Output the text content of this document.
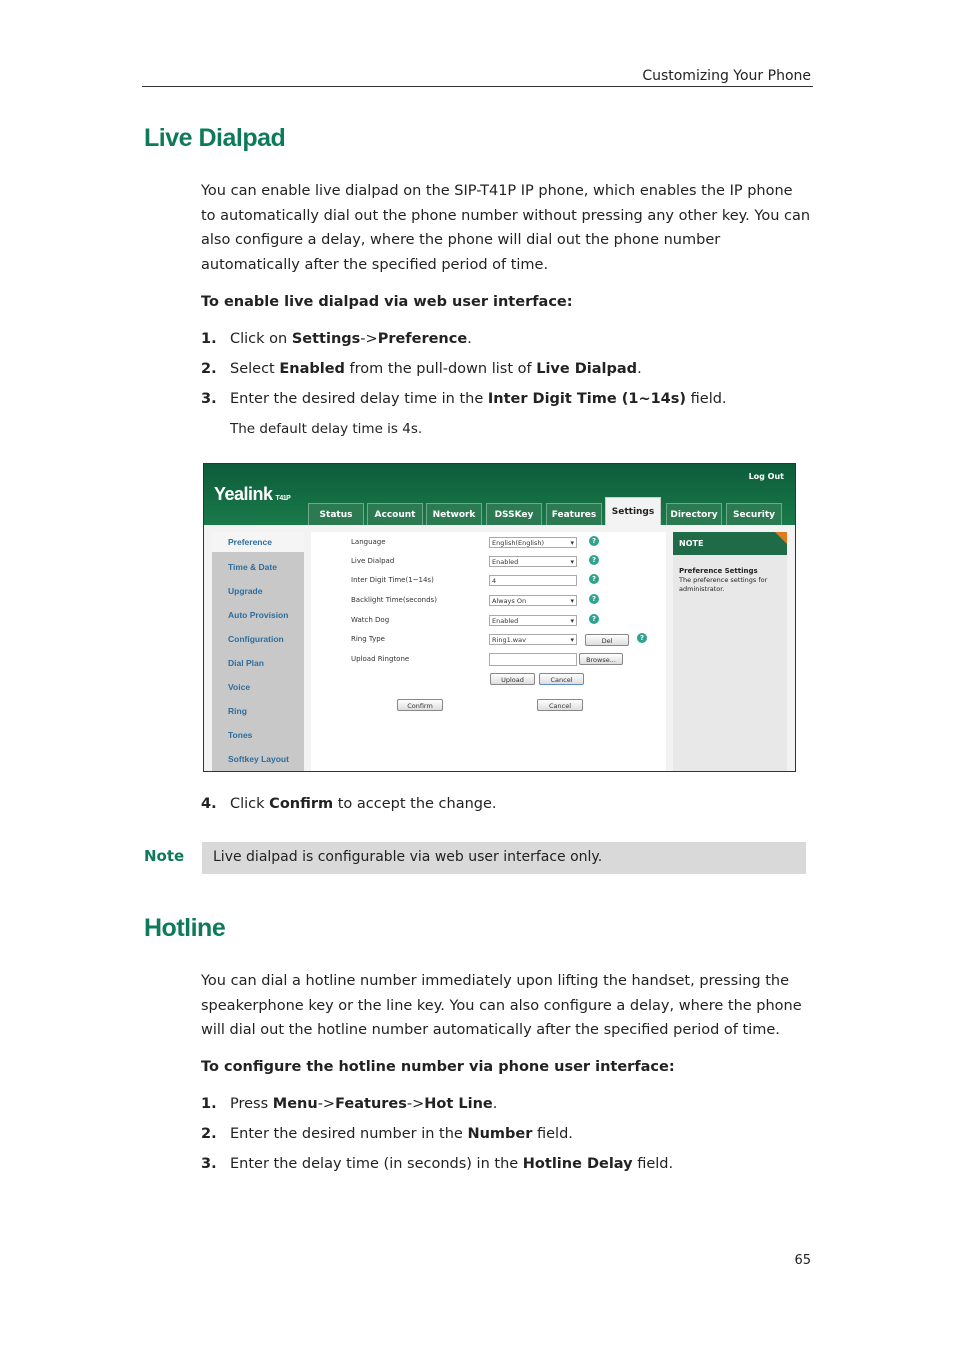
Customizing Your Phone
Live Dialpad
You can enable live dialpad on the SIP-T41P IP phone, which enables the IP phone to automatically dial out the phone number without pressing any other key. You can also configure a delay, where the phone will dial out the phone number automatically after the specified period of time.
To enable live dialpad via web user interface:
1. Click on Settings->Preference.
2. Select Enabled from the pull-down list of Live Dialpad.
3. Enter the desired delay time in the Inter Digit Time (1~14s) field.
The default delay time is 4s.
Log Out
Yealink T41P
Status	Account	Network	DSSKey	Features	Settings	Directory	Security
Preference
Time & Date
Upgrade
Auto Provision
Configuration
Dial Plan
Voice
Ring
Tones
Softkey Layout
Language	English(English) ▾	?
Live Dialpad	Enabled ▾	?
Inter Digit Time(1~14s)	4	?
Backlight Time(seconds)	Always On ▾	?
Watch Dog	Enabled ▾	?
Ring Type	Ring1.wav ▾	Del	?
Upload Ringtone	Browse...
Upload	Cancel
Confirm	Cancel
NOTE
Preference Settings
The preference settings for administrator.
4. Click Confirm to accept the change.
Note Live dialpad is configurable via web user interface only.
Hotline
You can dial a hotline number immediately upon lifting the handset, pressing the speakerphone key or the line key. You can also configure a delay, where the phone will dial out the hotline number automatically after the specified period of time.
To configure the hotline number via phone user interface:
1. Press Menu->Features->Hot Line.
2. Enter the desired number in the Number field.
3. Enter the delay time (in seconds) in the Hotline Delay field.
65
